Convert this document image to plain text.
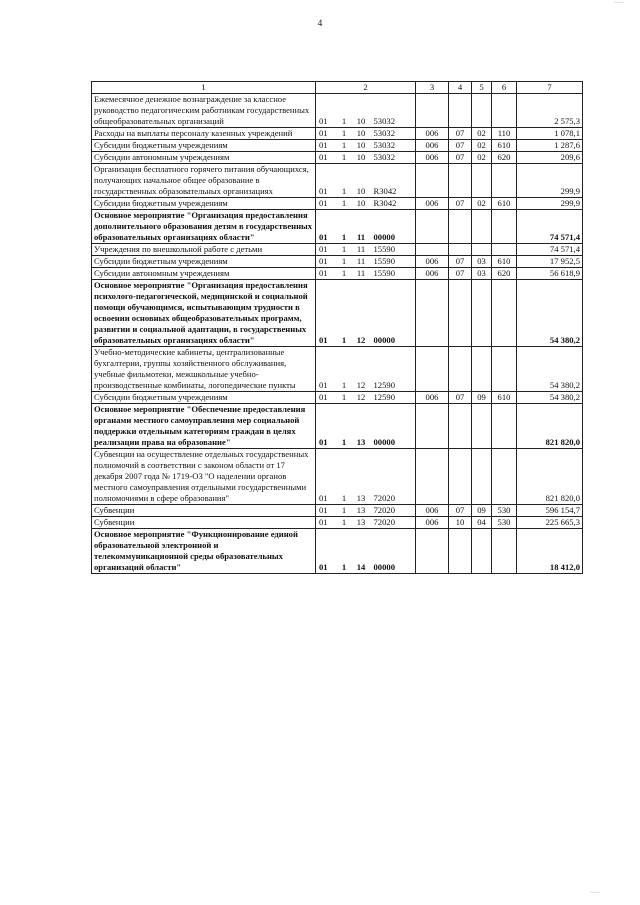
·····
4
1	2				3	4	5	6	7
Ежемесячное денежное вознаграждение за классное руководство педагогическим работникам государственных общеобразовательных организаций	01	1	10	53032					2 575,3
Расходы на выплаты персоналу казенных учреждений	01	1	10	53032	006	07	02	110	1 078,1
Субсидии бюджетным учреждениям	01	1	10	53032	006	07	02	610	1 287,6
Субсидии автономным учреждениям	01	1	10	53032	006	07	02	620	209,6
Организация бесплатного горячего питания обучающихся, получающих начальное общее образование в государственных образовательных организациях	01	1	10	R3042					299,9
Субсидии бюджетным учреждениям	01	1	10	R3042	006	07	02	610	299,9
Основное мероприятие "Организация предоставления дополнительного образования детям в государственных образовательных организациях области"	01	1	11	00000					74 571,4
Учреждения по внешкольной работе с детьми	01	1	11	15590					74 571,4
Субсидии бюджетным учреждениям	01	1	11	15590	006	07	03	610	17 952,5
Субсидии автономным учреждениям	01	1	11	15590	006	07	03	620	56 618,9
Основное мероприятие "Организация предоставления психолого-педагогической, медицинской и социальной помощи обучающимся, испытывающим трудности в освоении основных общеобразовательных программ, развитии и социальной адаптации, в государственных образовательных организациях области"	01	1	12	00000					54 380,2
Учебно-методические кабинеты, централизованные бухгалтерии, группы хозяйственного обслуживания, учебные фильмотеки, межшкольные учебно-производственные комбинаты, логопедические пункты	01	1	12	12590					54 380,2
Субсидии бюджетным учреждениям	01	1	12	12590	006	07	09	610	54 380,2
Основное мероприятие "Обеспечение предоставления органами местного самоуправления мер социальной поддержки отдельным категориям граждан в целях реализации права на образование"	01	1	13	00000					821 820,0
Субвенции на осуществление отдельных государственных полномочий в соответствии с законом области от 17 декабря 2007 года № 1719-ОЗ "О наделении органов местного самоуправления отдельными государственными полномочиями в сфере образования"	01	1	13	72020					821 820,0
Субвенции	01	1	13	72020	006	07	09	530	596 154,7
Субвенции	01	1	13	72020	006	10	04	530	225 665,3
Основное мероприятие "Функционирование единой образовательной электронной и телекоммуникационной среды образовательных организаций области"	01	1	14	00000					18 412,0
·····
